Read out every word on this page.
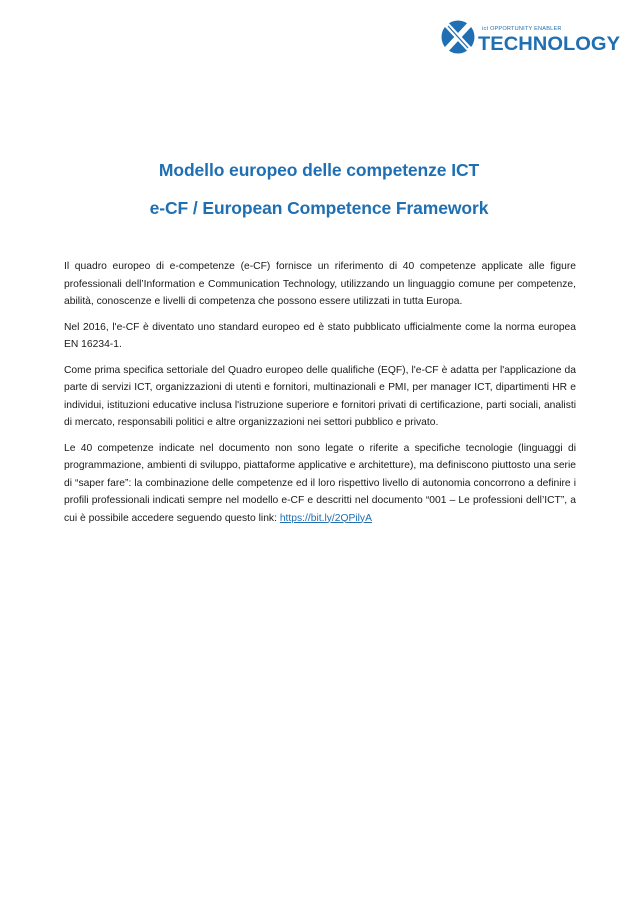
ict OPPORTUNITY ENABLER
TECHNOLOGY
Modello europeo delle competenze ICT
e-CF / European Competence Framework

Il quadro europeo di e-competenze (e-CF) fornisce un riferimento di 40 competenze applicate alle figure professionali dell’Information e Communication Technology, utilizzando un linguaggio comune per competenze, abilità, conoscenze e livelli di competenza che possono essere utilizzati in tutta Europa.

Nel 2016, l'e-CF è diventato uno standard europeo ed è stato pubblicato ufficialmente come la norma europea EN 16234-1.

Come prima specifica settoriale del Quadro europeo delle qualifiche (EQF), l'e-CF è adatta per l'applicazione da parte di servizi ICT, organizzazioni di utenti e fornitori, multinazionali e PMI, per manager ICT, dipartimenti HR e individui, istituzioni educative inclusa l'istruzione superiore e fornitori privati di certificazione, parti sociali, analisti di mercato, responsabili politici e altre organizzazioni nei settori pubblico e privato.

Le 40 competenze indicate nel documento non sono legate o riferite a specifiche tecnologie (linguaggi di programmazione, ambienti di sviluppo, piattaforme applicative e architetture), ma definiscono piuttosto una serie di “saper fare”: la combinazione delle competenze ed il loro rispettivo livello di autonomia concorrono a definire i profili professionali indicati sempre nel modello e-CF e descritti nel documento “001 – Le professioni dell’ICT”, a cui è possibile accedere seguendo questo link: https://bit.ly/2QPilyA
